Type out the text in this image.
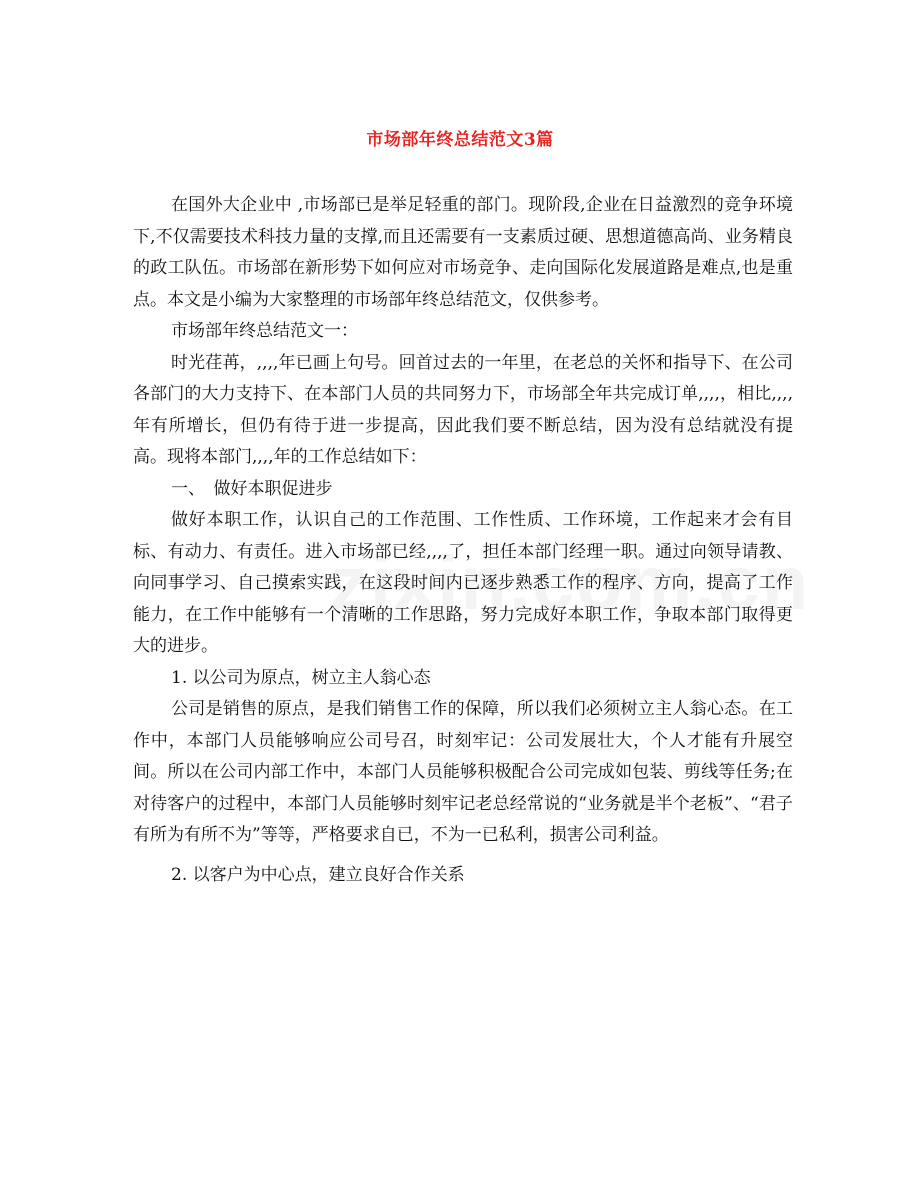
市场部年终总结范文3篇

在国外大企业中 ,市场部已是举足轻重的部门。现阶段,企业在日益激烈的竞争环境下,不仅需要技术科技力量的支撑,而且还需要有一支素质过硬、思想道德高尚、业务精良的政工队伍。市场部在新形势下如何应对市场竞争、走向国际化发展道路是难点,也是重点。本文是小编为大家整理的市场部年终总结范文，仅供参考。

市场部年终总结范文一：

时光荏苒，,,,,年已画上句号。回首过去的一年里，在老总的关怀和指导下、在公司各部门的大力支持下、在本部门人员的共同努力下，市场部全年共完成订单,,,,，相比,,,,年有所增长，但仍有待于进一步提高，因此我们要不断总结，因为没有总结就没有提高。现将本部门,,,,年的工作总结如下：

一、　做好本职促进步

做好本职工作，认识自己的工作范围、工作性质、工作环境，工作起来才会有目标、有动力、有责任。进入市场部已经,,,,了，担任本部门经理一职。通过向领导请教、向同事学习、自己摸索实践，在这段时间内已逐步熟悉工作的程序、方向，提高了工作能力，在工作中能够有一个清晰的工作思路，努力完成好本职工作，争取本部门取得更大的进步。

1. 以公司为原点，树立主人翁心态

公司是销售的原点，是我们销售工作的保障，所以我们必须树立主人翁心态。在工作中，本部门人员能够响应公司号召，时刻牢记：公司发展壮大，个人才能有升展空间。所以在公司内部工作中，本部门人员能够积极配合公司完成如包装、剪线等任务;在对待客户的过程中，本部门人员能够时刻牢记老总经常说的“业务就是半个老板”、“君子有所为有所不为”等等，严格要求自已，不为一已私利，损害公司利益。

2. 以客户为中心点，建立良好合作关系
